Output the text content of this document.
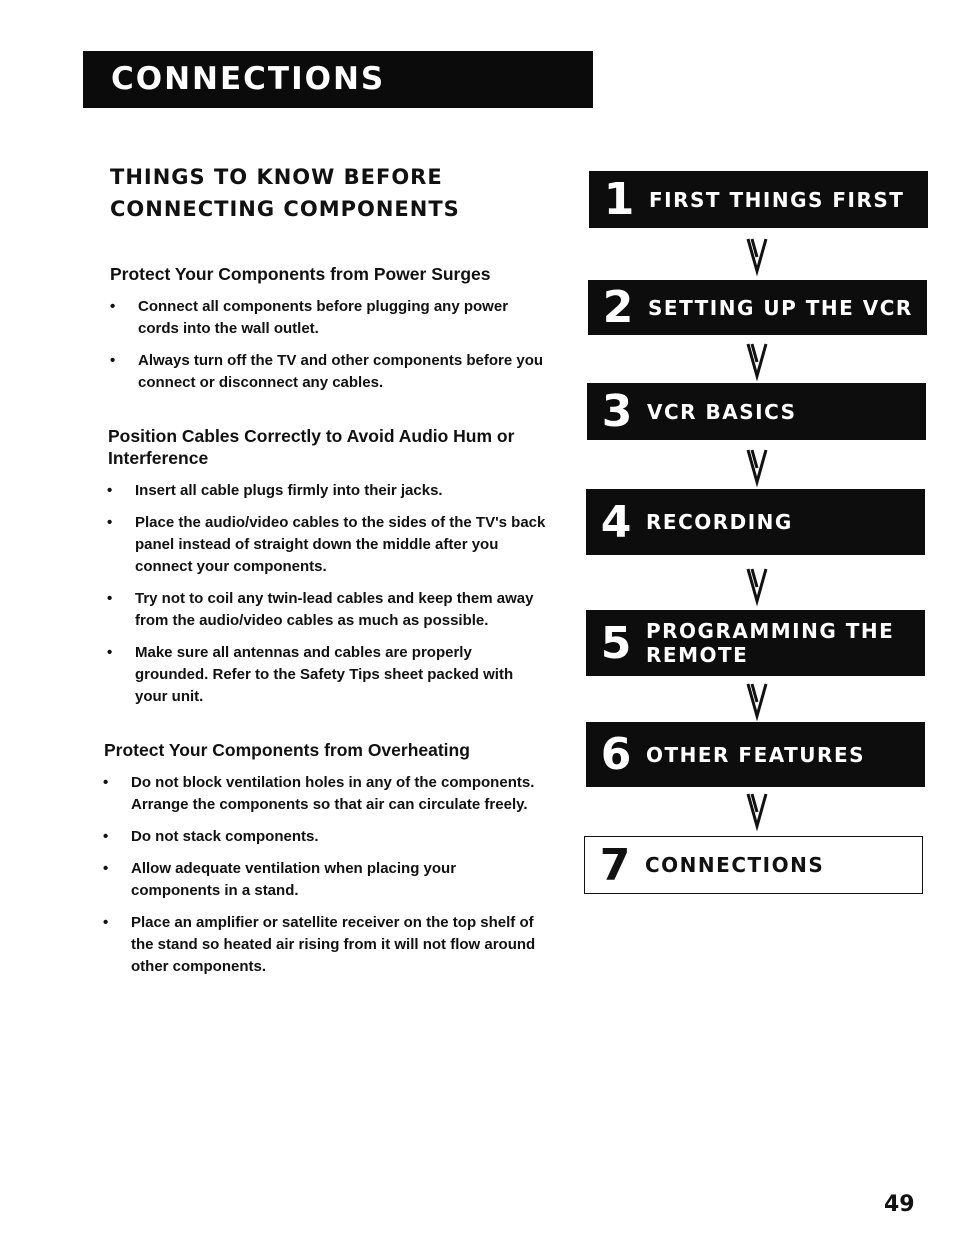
CONNECTIONS
THINGS TO KNOW BEFORE CONNECTING COMPONENTS
Protect Your Components from Power Surges
• Connect all components before plugging any power cords into the wall outlet.
• Always turn off the TV and other components before you connect or disconnect any cables.
Position Cables Correctly to Avoid Audio Hum or Interference
• Insert all cable plugs firmly into their jacks.
• Place the audio/video cables to the sides of the TV's back panel instead of straight down the middle after you connect your components.
• Try not to coil any twin-lead cables and keep them away from the audio/video cables as much as possible.
• Make sure all antennas and cables are properly grounded. Refer to the Safety Tips sheet packed with your unit.
Protect Your Components from Overheating
• Do not block ventilation holes in any of the components. Arrange the components so that air can circulate freely.
• Do not stack components.
• Allow adequate ventilation when placing your components in a stand.
• Place an amplifier or satellite receiver on the top shelf of the stand so heated air rising from it will not flow around other components.
1 FIRST THINGS FIRST
2 SETTING UP THE VCR
3 VCR BASICS
4 RECORDING
5 PROGRAMMING THE REMOTE
6 OTHER FEATURES
7 CONNECTIONS
49
